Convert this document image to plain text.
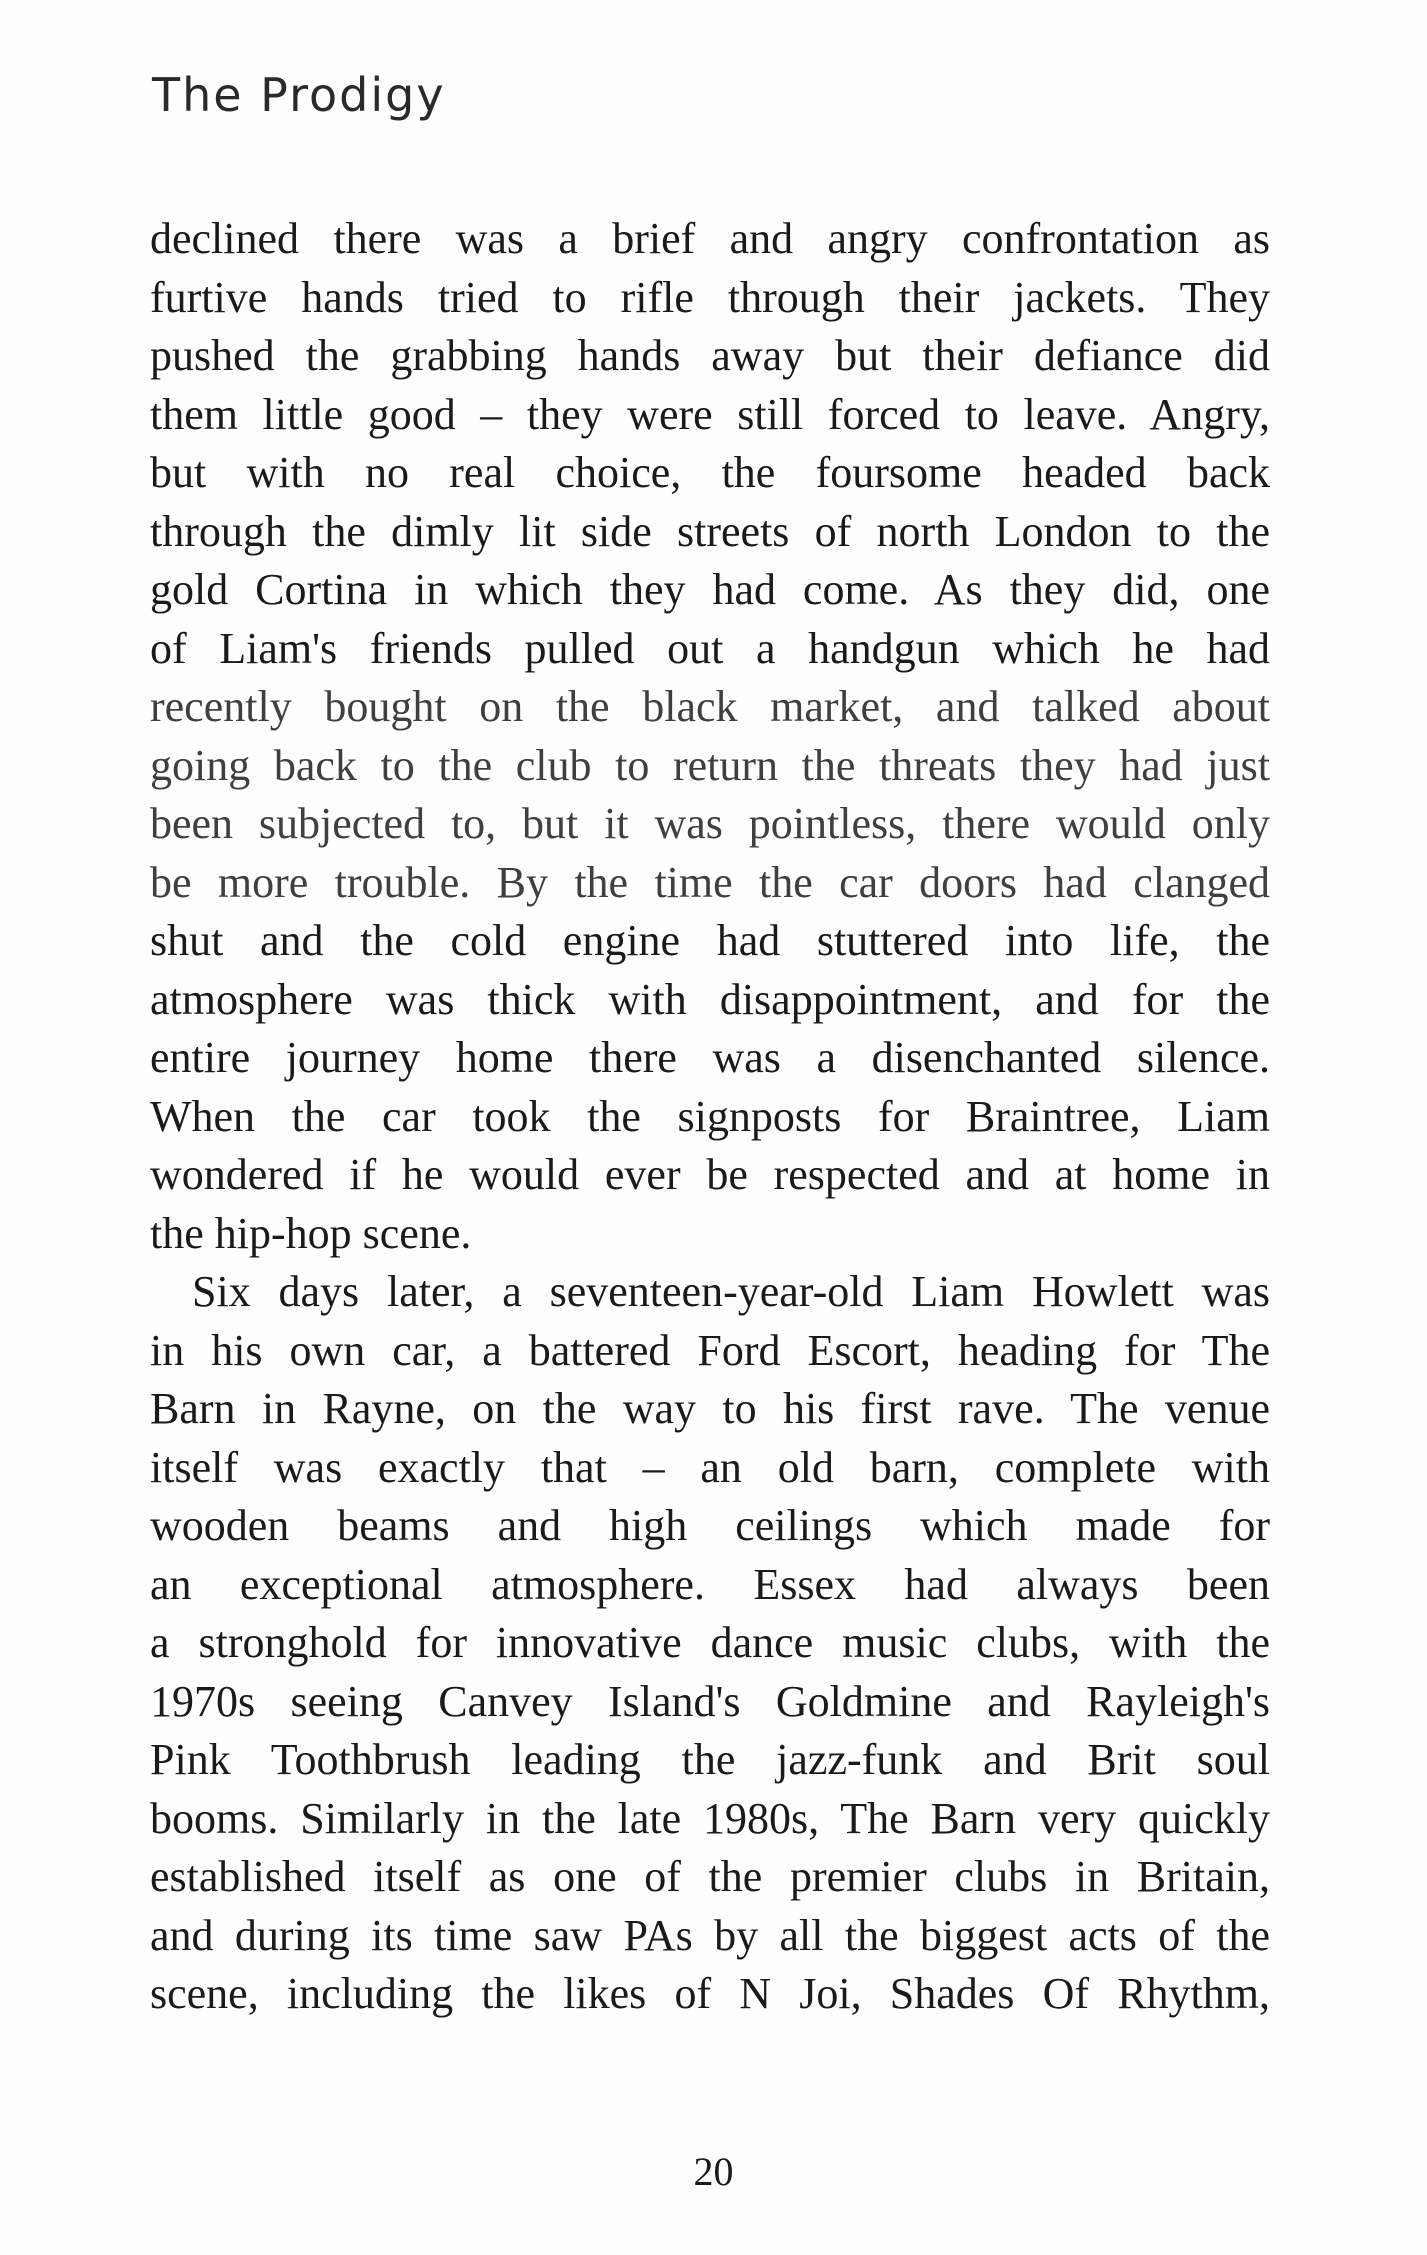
The Prodigy

declined there was a brief and angry confrontation as
furtive hands tried to rifle through their jackets. They
pushed the grabbing hands away but their defiance did
them little good – they were still forced to leave. Angry,
but with no real choice, the foursome headed back
through the dimly lit side streets of north London to the
gold Cortina in which they had come. As they did, one
of Liam's friends pulled out a handgun which he had
recently bought on the black market, and talked about
going back to the club to return the threats they had just
been subjected to, but it was pointless, there would only
be more trouble. By the time the car doors had clanged
shut and the cold engine had stuttered into life, the
atmosphere was thick with disappointment, and for the
entire journey home there was a disenchanted silence.
When the car took the signposts for Braintree, Liam
wondered if he would ever be respected and at home in
the hip-hop scene.

Six days later, a seventeen-year-old Liam Howlett was
in his own car, a battered Ford Escort, heading for The
Barn in Rayne, on the way to his first rave. The venue
itself was exactly that – an old barn, complete with
wooden beams and high ceilings which made for
an exceptional atmosphere. Essex had always been
a stronghold for innovative dance music clubs, with the
1970s seeing Canvey Island's Goldmine and Rayleigh's
Pink Toothbrush leading the jazz-funk and Brit soul
booms. Similarly in the late 1980s, The Barn very quickly
established itself as one of the premier clubs in Britain,
and during its time saw PAs by all the biggest acts of the
scene, including the likes of N Joi, Shades Of Rhythm,

20
